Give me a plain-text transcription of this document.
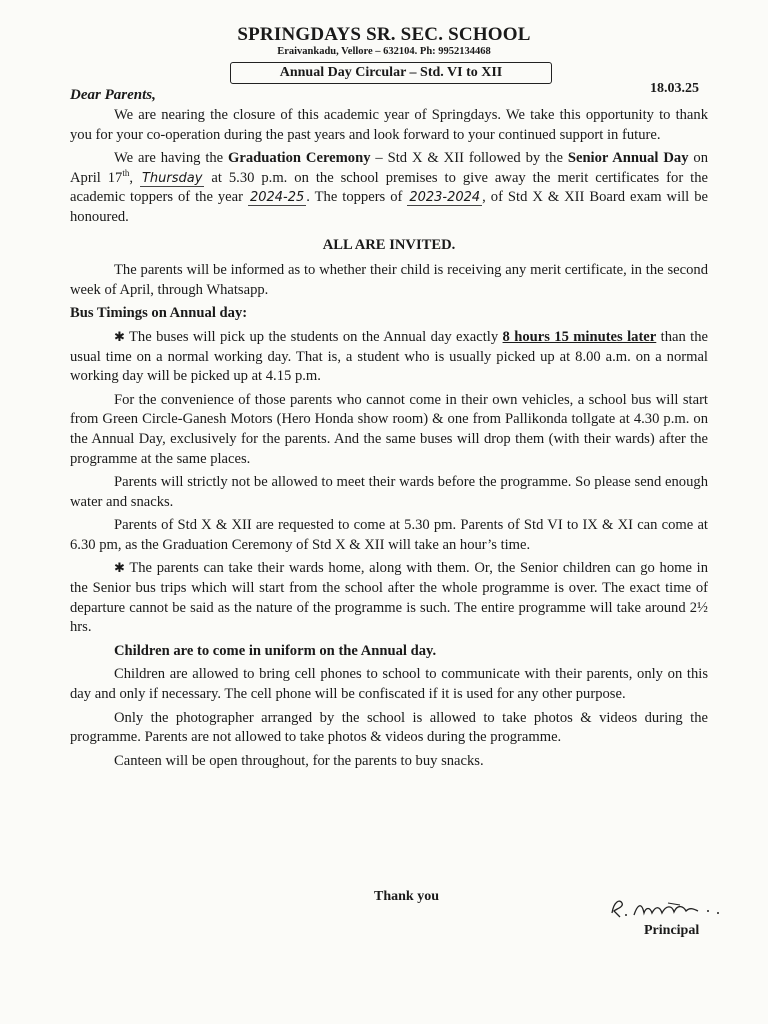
SPRINGDAYS SR. SEC. SCHOOL
Eraivankadu, Vellore – 632104. Ph: 9952134468
Annual Day Circular – Std. VI to XII
18.03.25
Dear Parents,

We are nearing the closure of this academic year of Springdays. We take this opportunity to thank you for your co-operation during the past years and look forward to your continued support in future.

We are having the Graduation Ceremony – Std X & XII followed by the Senior Annual Day on April 17th, Thursday at 5.30 p.m. on the school premises to give away the merit certificates for the academic toppers of the year 2024-25 . The toppers of 2023-2024 , of Std X & XII Board exam will be honoured.

ALL ARE INVITED.

The parents will be informed as to whether their child is receiving any merit certificate, in the second week of April, through Whatsapp.

Bus Timings on Annual day:

✱ The buses will pick up the students on the Annual day exactly 8 hours 15 minutes later than the usual time on a normal working day. That is, a student who is usually picked up at 8.00 a.m. on a normal working day will be picked up at 4.15 p.m.

For the convenience of those parents who cannot come in their own vehicles, a school bus will start from Green Circle-Ganesh Motors (Hero Honda show room) & one from Pallikonda tollgate at 4.30 p.m. on the Annual Day, exclusively for the parents. And the same buses will drop them (with their wards) after the programme at the same places.

Parents will strictly not be allowed to meet their wards before the programme. So please send enough water and snacks.

Parents of Std X & XII are requested to come at 5.30 pm. Parents of Std VI to IX & XI can come at 6.30 pm, as the Graduation Ceremony of Std X & XII will take an hour’s time.

✱ The parents can take their wards home, along with them. Or, the Senior children can go home in the Senior bus trips which will start from the school after the whole programme is over. The exact time of departure cannot be said as the nature of the programme is such. The entire programme will take around 2½ hrs.

Children are to come in uniform on the Annual day.

Children are allowed to bring cell phones to school to communicate with their parents, only on this day and only if necessary. The cell phone will be confiscated if it is used for any other purpose.

Only the photographer arranged by the school is allowed to take photos & videos during the programme. Parents are not allowed to take photos & videos during the programme.

Canteen will be open throughout, for the parents to buy snacks.

Thank you
Principal
